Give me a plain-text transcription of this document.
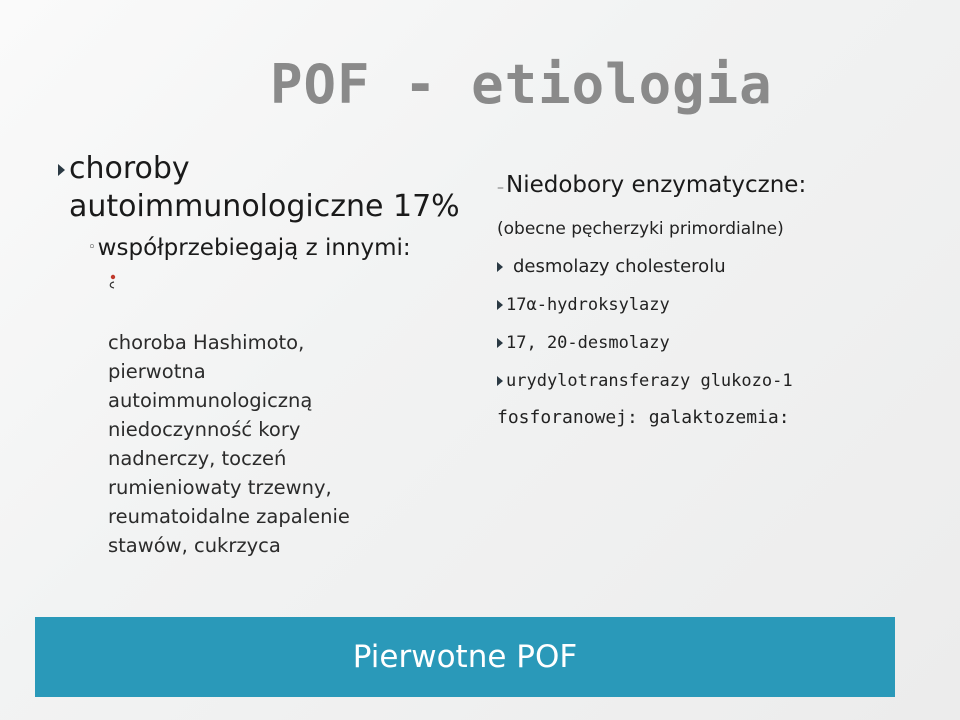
POF - etiologia
choroby
autoimmunologiczne 17%
◦ współprzebiegają z innymi:

choroba Hashimoto,
pierwotna
autoimmunologiczną
niedoczynność kory
nadnerczy, toczeń
rumieniowaty trzewny,
reumatoidalne zapalenie
stawów, cukrzyca

–Niedobory enzymatyczne:
(obecne pęcherzyki primordialne)
desmolazy cholesterolu
17α-hydroksylazy
17, 20-desmolazy
urydylotransferazy glukozo-1
fosforanowej: galaktozemia:
Pierwotne POF
